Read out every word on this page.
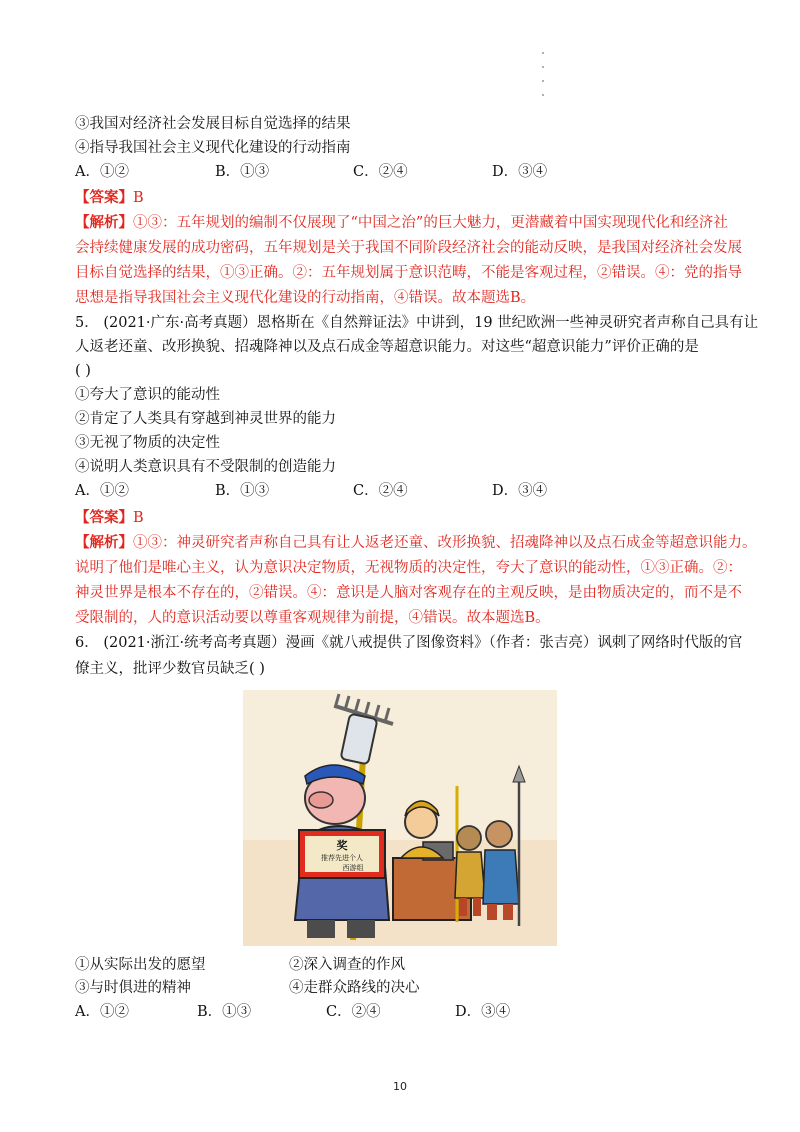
③我国对经济社会发展目标自觉选择的结果
④指导我国社会主义现代化建设的行动指南
A．①②	B．①③	C．②④	D．③④
【答案】B
【解析】①③：五年规划的编制不仅展现了“中国之治”的巨大魅力，更潜藏着中国实现现代化和经济社
会持续健康发展的成功密码，五年规划是关于我国不同阶段经济社会的能动反映，是我国对经济社会发展
目标自觉选择的结果，①③正确。②：五年规划属于意识范畴，不能是客观过程，②错误。④：党的指导
思想是指导我国社会主义现代化建设的行动指南，④错误。故本题选B。
5． (2021·广东·高考真题）恩格斯在《自然辩证法》中讲到，19 世纪欧洲一些神灵研究者声称自己具有让
人返老还童、改形换貌、招魂降神以及点石成金等超意识能力。对这些“超意识能力”评价正确的是
( )
①夸大了意识的能动性
②肯定了人类具有穿越到神灵世界的能力
③无视了物质的决定性
④说明人类意识具有不受限制的创造能力
A．①②	B．①③	C．②④	D．③④
【答案】B
【解析】①③：神灵研究者声称自己具有让人返老还童、改形换貌、招魂降神以及点石成金等超意识能力。
说明了他们是唯心主义，认为意识决定物质，无视物质的决定性，夸大了意识的能动性，①③正确。②：
神灵世界是根本不存在的，②错误。④：意识是人脑对客观存在的主观反映，是由物质决定的，而不是不
受限制的，人的意识活动要以尊重客观规律为前提，④错误。故本题选B。
6． (2021·浙江·统考高考真题）漫画《就八戒提供了图像资料》（作者：张吉亮）讽刺了网络时代版的官
僚主义，批评少数官员缺乏( )
奖
推荐先进个人
西游组
①从实际出发的愿望	②深入调查的作风
③与时俱进的精神	④走群众路线的决心
A．①②	B．①③	C．②④	D．③④
10
